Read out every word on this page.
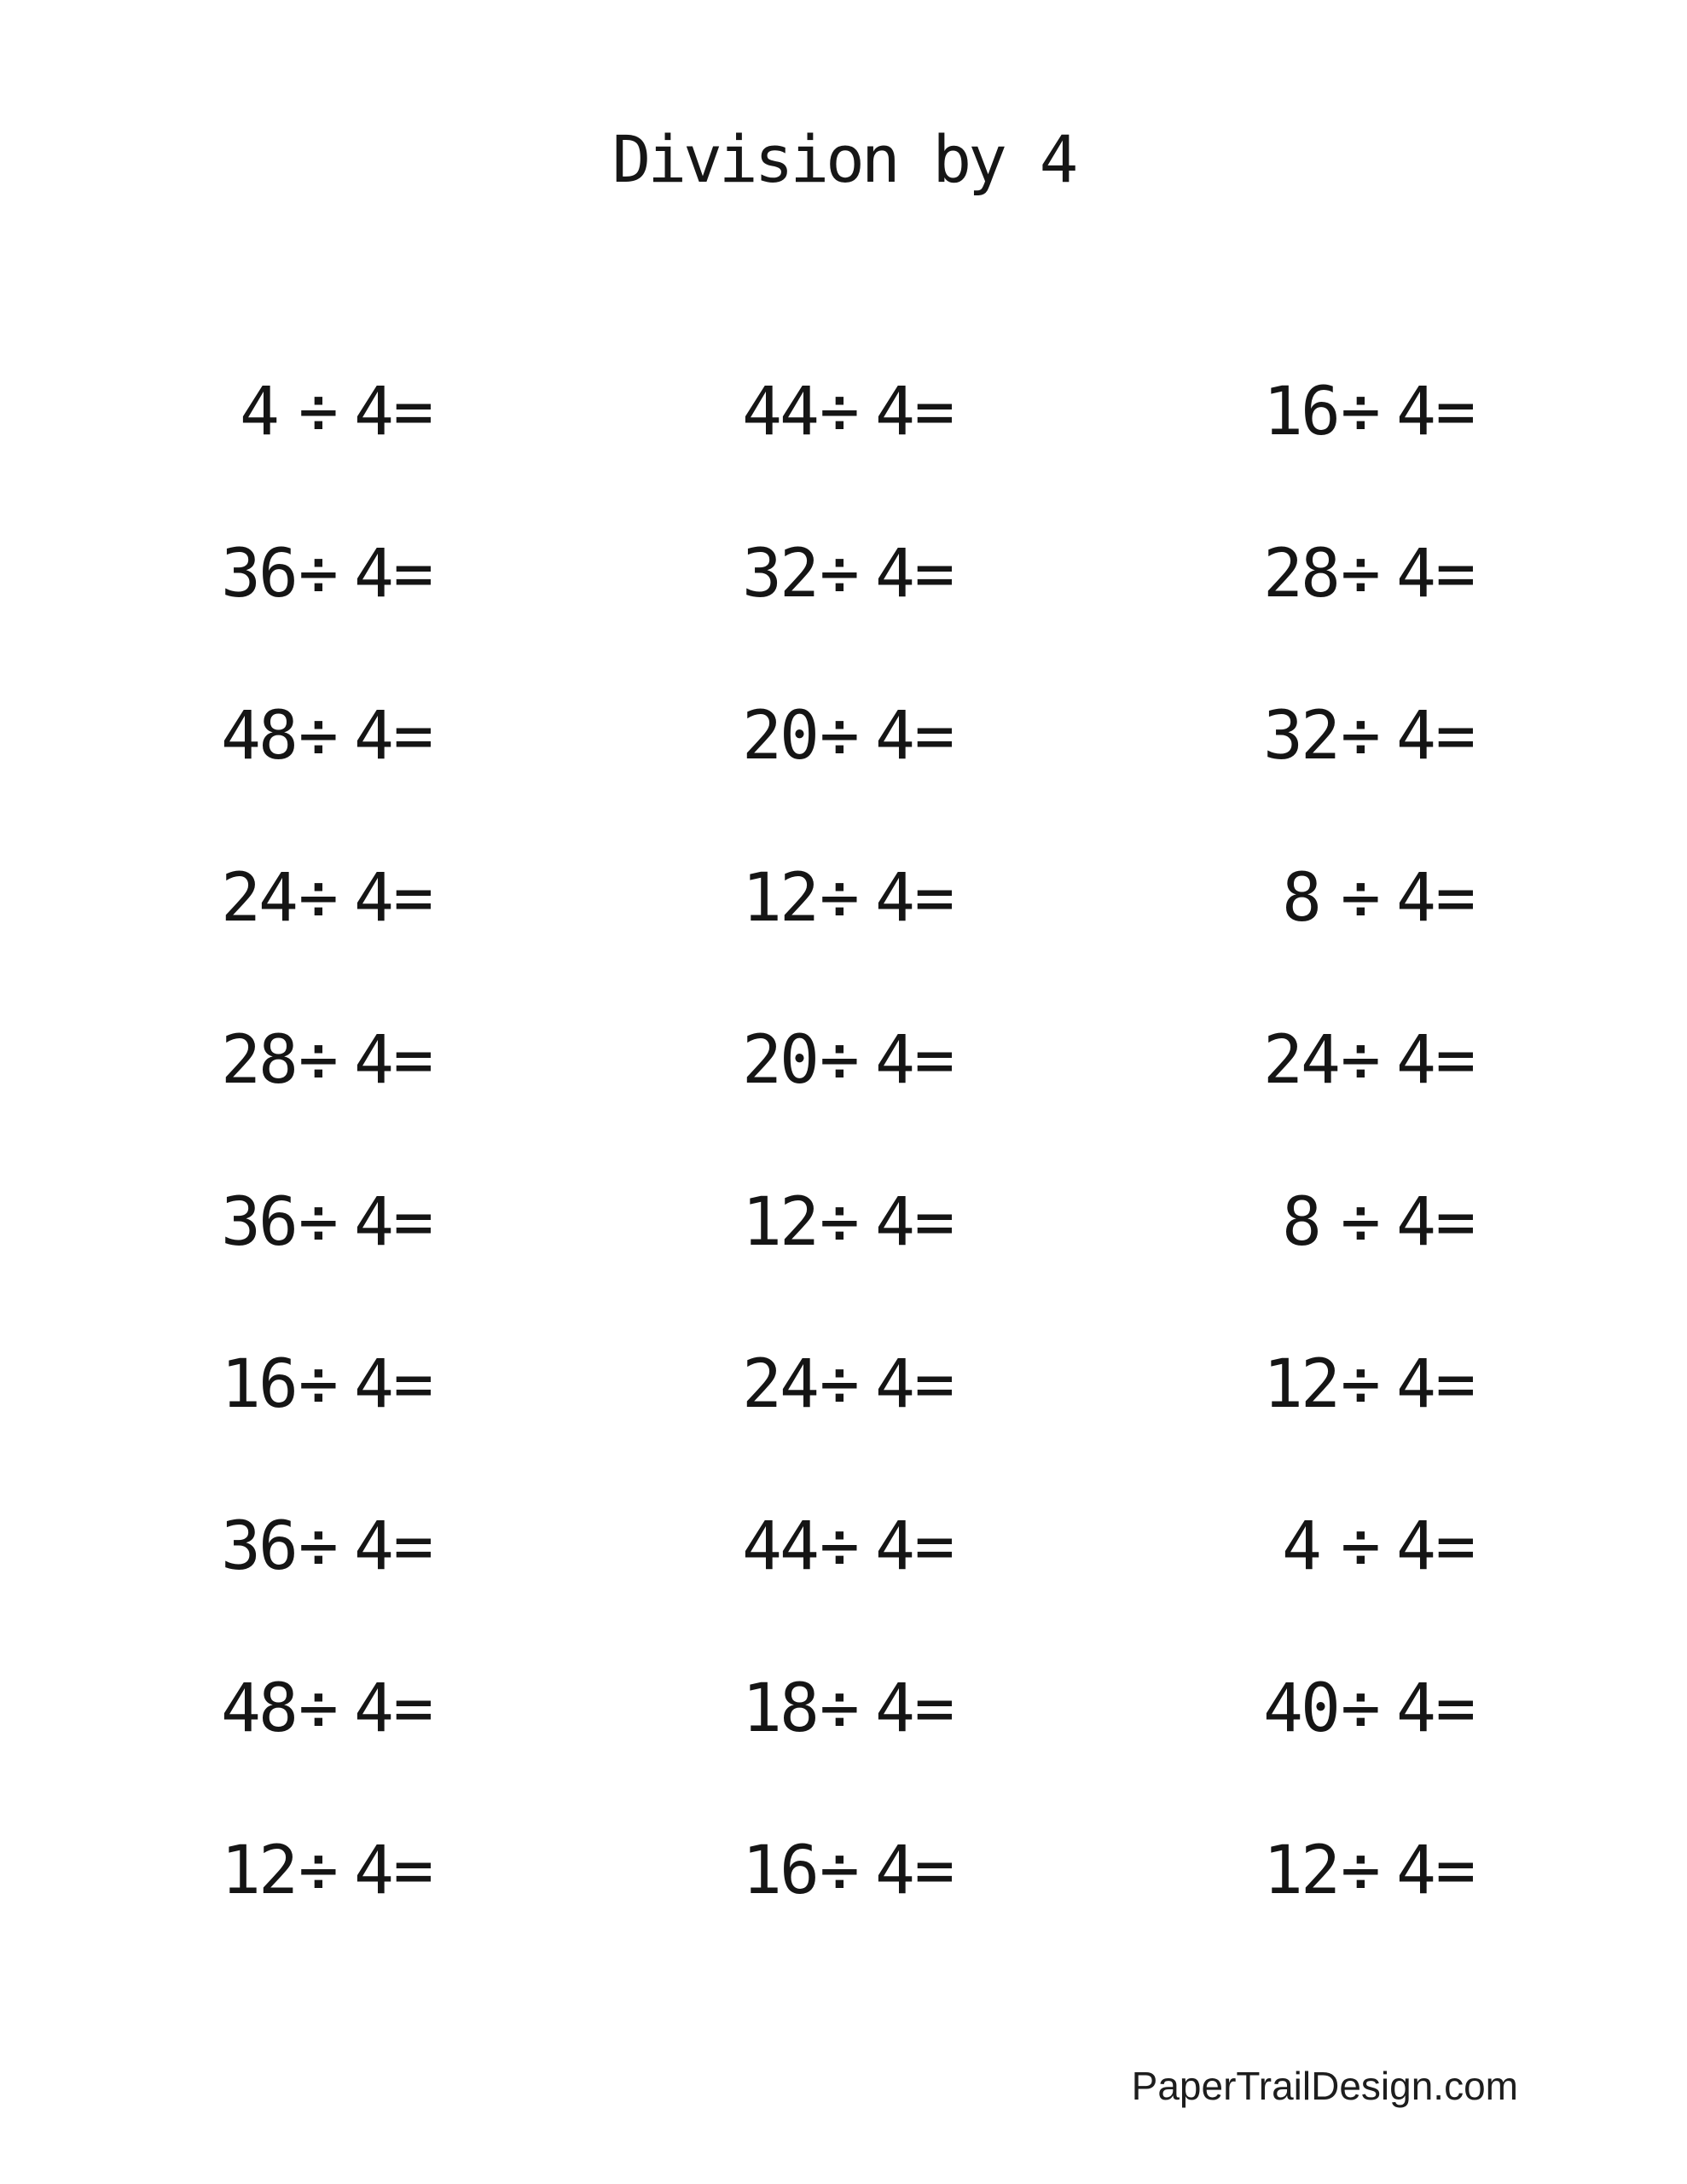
Division by 4
4 ÷ 4 =	44 ÷ 4 =	16 ÷ 4 =
36 ÷ 4 =	32 ÷ 4 =	28 ÷ 4 =
48 ÷ 4 =	20 ÷ 4 =	32 ÷ 4 =
24 ÷ 4 =	12 ÷ 4 =	8 ÷ 4 =
28 ÷ 4 =	20 ÷ 4 =	24 ÷ 4 =
36 ÷ 4 =	12 ÷ 4 =	8 ÷ 4 =
16 ÷ 4 =	24 ÷ 4 =	12 ÷ 4 =
36 ÷ 4 =	44 ÷ 4 =	4 ÷ 4 =
48 ÷ 4 =	18 ÷ 4 =	40 ÷ 4 =
12 ÷ 4 =	16 ÷ 4 =	12 ÷ 4 =
PaperTrailDesign.com
